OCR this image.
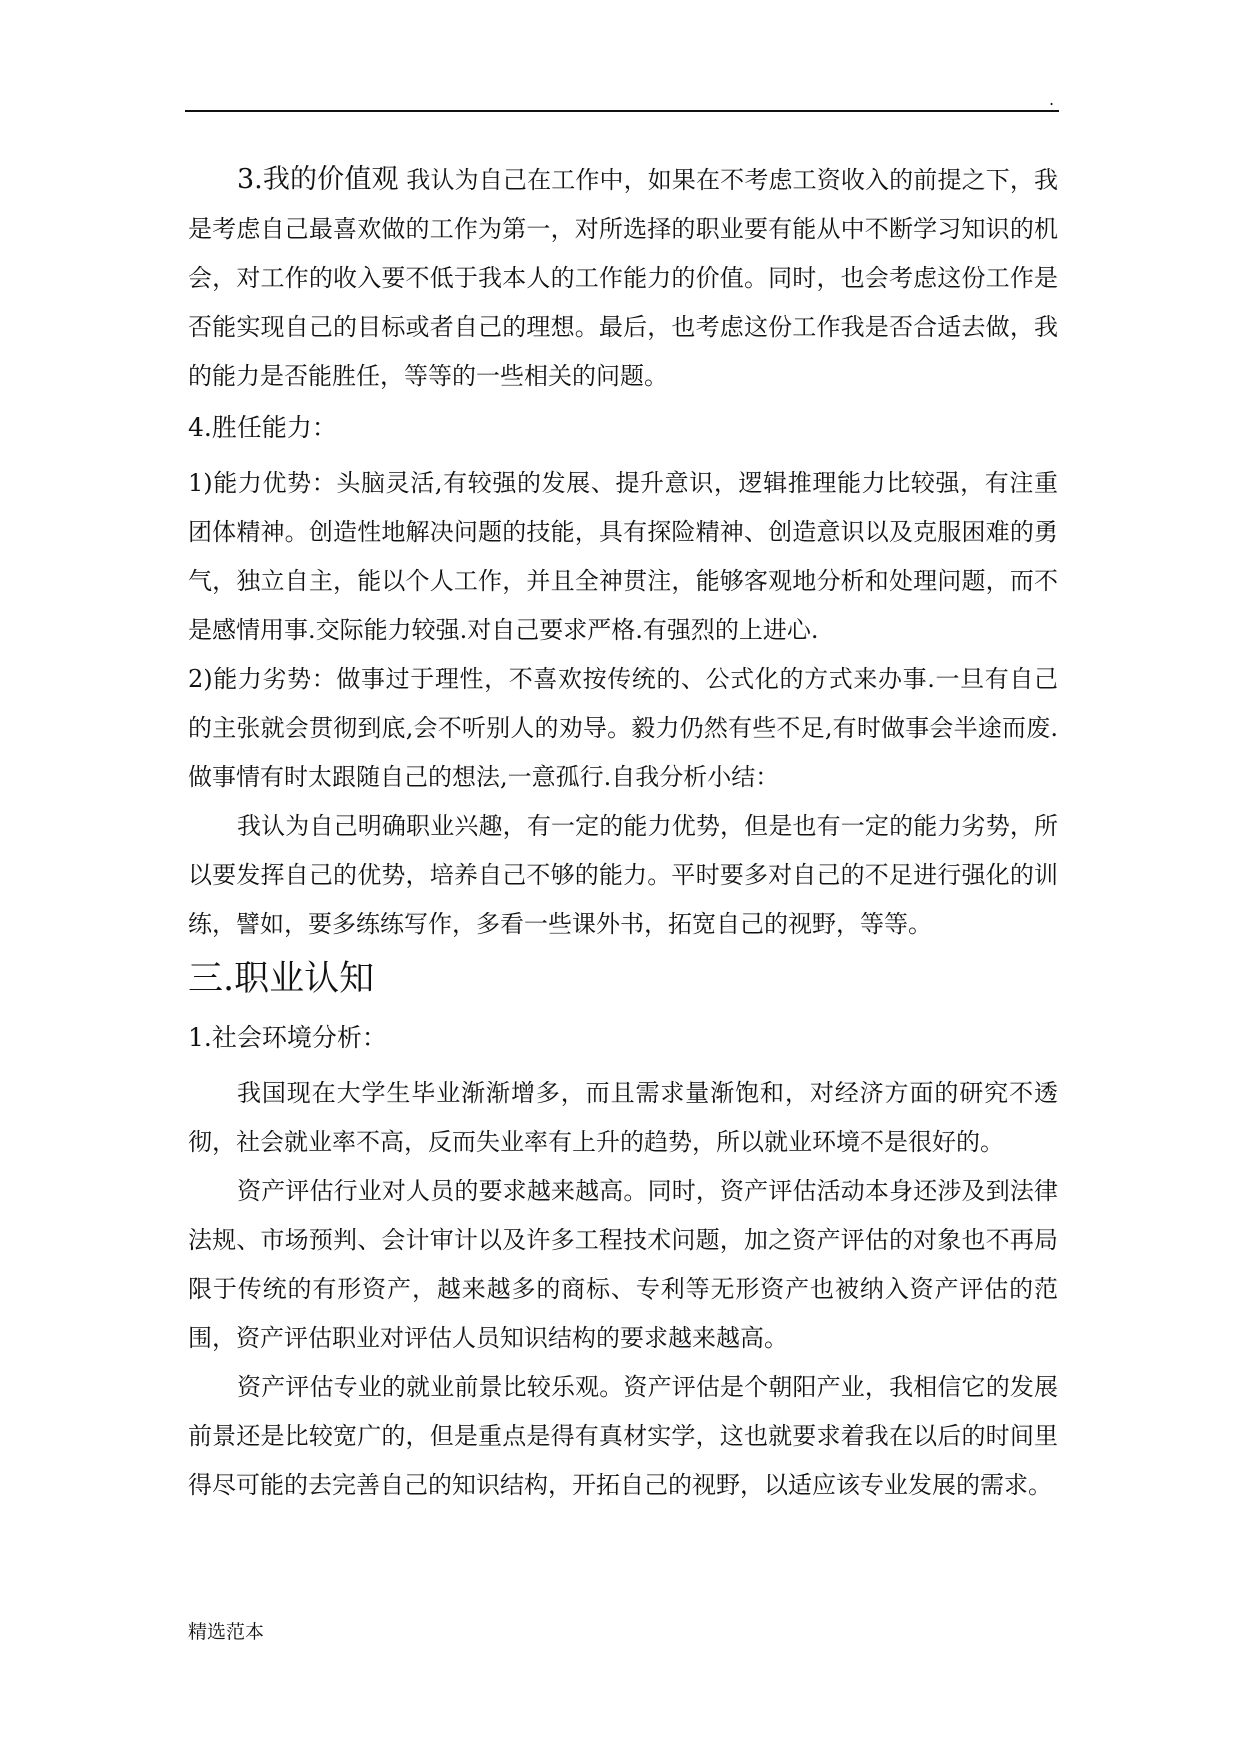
.

3.我的价值观 我认为自己在工作中，如果在不考虑工资收入的前提之下，我是考虑自己最喜欢做的工作为第一，对所选择的职业要有能从中不断学习知识的机会，对工作的收入要不低于我本人的工作能力的价值。同时，也会考虑这份工作是否能实现自己的目标或者自己的理想。最后，也考虑这份工作我是否合适去做，我的能力是否能胜任，等等的一些相关的问题。

4.胜任能力：

1)能力优势：头脑灵活,有较强的发展、提升意识，逻辑推理能力比较强，有注重团体精神。创造性地解决问题的技能，具有探险精神、创造意识以及克服困难的勇气，独立自主，能以个人工作，并且全神贯注，能够客观地分析和处理问题，而不是感情用事.交际能力较强.对自己要求严格.有强烈的上进心.

2)能力劣势：做事过于理性，不喜欢按传统的、公式化的方式来办事.一旦有自己的主张就会贯彻到底,会不听别人的劝导。毅力仍然有些不足,有时做事会半途而废.做事情有时太跟随自己的想法,一意孤行.自我分析小结：

我认为自己明确职业兴趣，有一定的能力优势，但是也有一定的能力劣势，所以要发挥自己的优势，培养自己不够的能力。平时要多对自己的不足进行强化的训练，譬如，要多练练写作，多看一些课外书，拓宽自己的视野，等等。

三.职业认知

1.社会环境分析：

我国现在大学生毕业渐渐增多，而且需求量渐饱和，对经济方面的研究不透彻，社会就业率不高，反而失业率有上升的趋势，所以就业环境不是很好的。

资产评估行业对人员的要求越来越高。同时，资产评估活动本身还涉及到法律法规、市场预判、会计审计以及许多工程技术问题，加之资产评估的对象也不再局限于传统的有形资产，越来越多的商标、专利等无形资产也被纳入资产评估的范围，资产评估职业对评估人员知识结构的要求越来越高。

资产评估专业的就业前景比较乐观。资产评估是个朝阳产业，我相信它的发展前景还是比较宽广的，但是重点是得有真材实学，这也就要求着我在以后的时间里得尽可能的去完善自己的知识结构，开拓自己的视野，以适应该专业发展的需求。

精选范本
